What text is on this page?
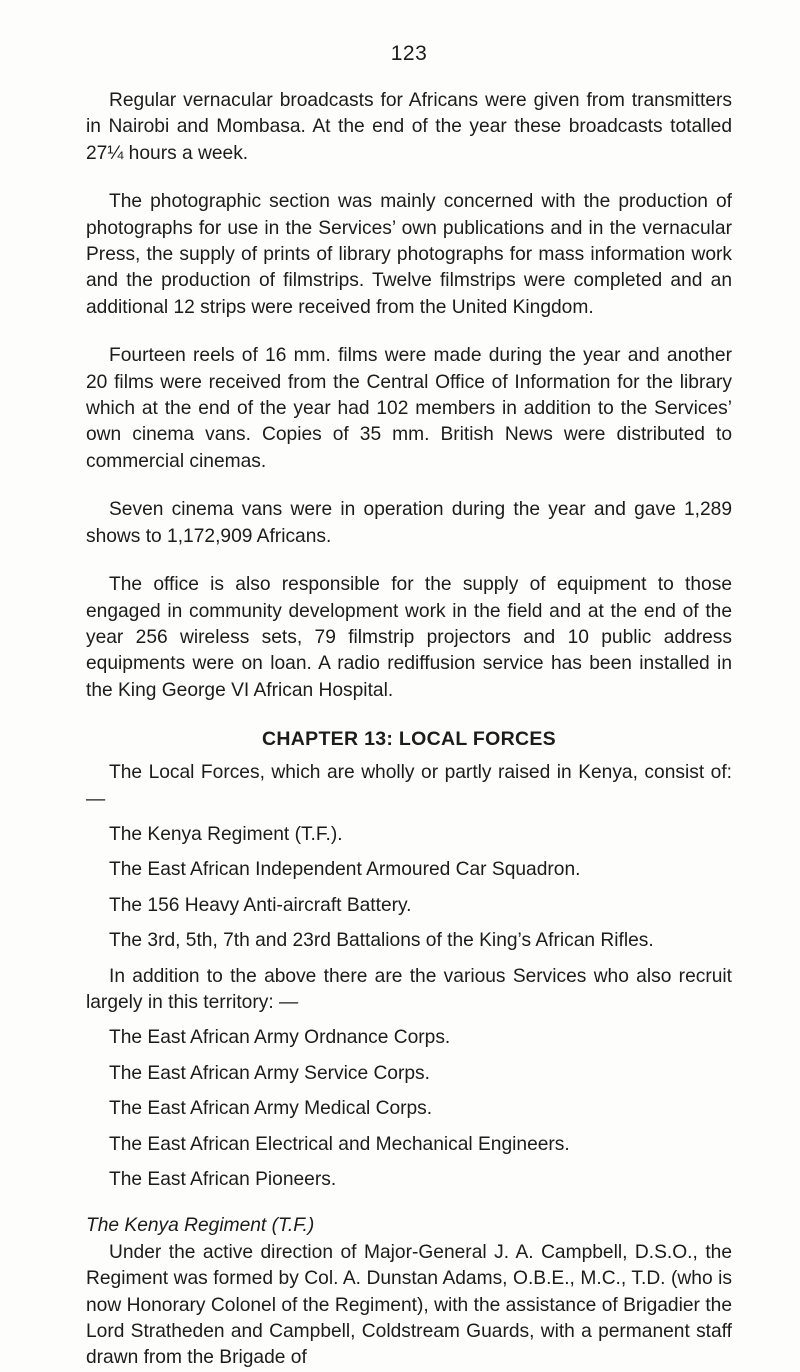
123

Regular vernacular broadcasts for Africans were given from transmitters in Nairobi and Mombasa. At the end of the year these broadcasts totalled 27¼ hours a week.

The photographic section was mainly concerned with the production of photographs for use in the Services’ own publications and in the vernacular Press, the supply of prints of library photographs for mass information work and the production of filmstrips. Twelve filmstrips were completed and an additional 12 strips were received from the United Kingdom.

Fourteen reels of 16 mm. films were made during the year and another 20 films were received from the Central Office of Information for the library which at the end of the year had 102 members in addition to the Services’ own cinema vans. Copies of 35 mm. British News were distributed to commercial cinemas.

Seven cinema vans were in operation during the year and gave 1,289 shows to 1,172,909 Africans.

The office is also responsible for the supply of equipment to those engaged in community development work in the field and at the end of the year 256 wireless sets, 79 filmstrip projectors and 10 public address equipments were on loan. A radio rediffusion service has been installed in the King George VI African Hospital.

CHAPTER 13: LOCAL FORCES

The Local Forces, which are wholly or partly raised in Kenya, consist of: —

The Kenya Regiment (T.F.).
The East African Independent Armoured Car Squadron.
The 156 Heavy Anti-aircraft Battery.
The 3rd, 5th, 7th and 23rd Battalions of the King’s African Rifles.

In addition to the above there are the various Services who also recruit largely in this territory: —

The East African Army Ordnance Corps.
The East African Army Service Corps.
The East African Army Medical Corps.
The East African Electrical and Mechanical Engineers.
The East African Pioneers.
The Kenya Regiment (T.F.)

Under the active direction of Major-General J. A. Campbell, D.S.O., the Regiment was formed by Col. A. Dunstan Adams, O.B.E., M.C., T.D. (who is now Honorary Colonel of the Regiment), with the assistance of Brigadier the Lord Stratheden and Campbell, Coldstream Guards, with a permanent staff drawn from the Brigade of
